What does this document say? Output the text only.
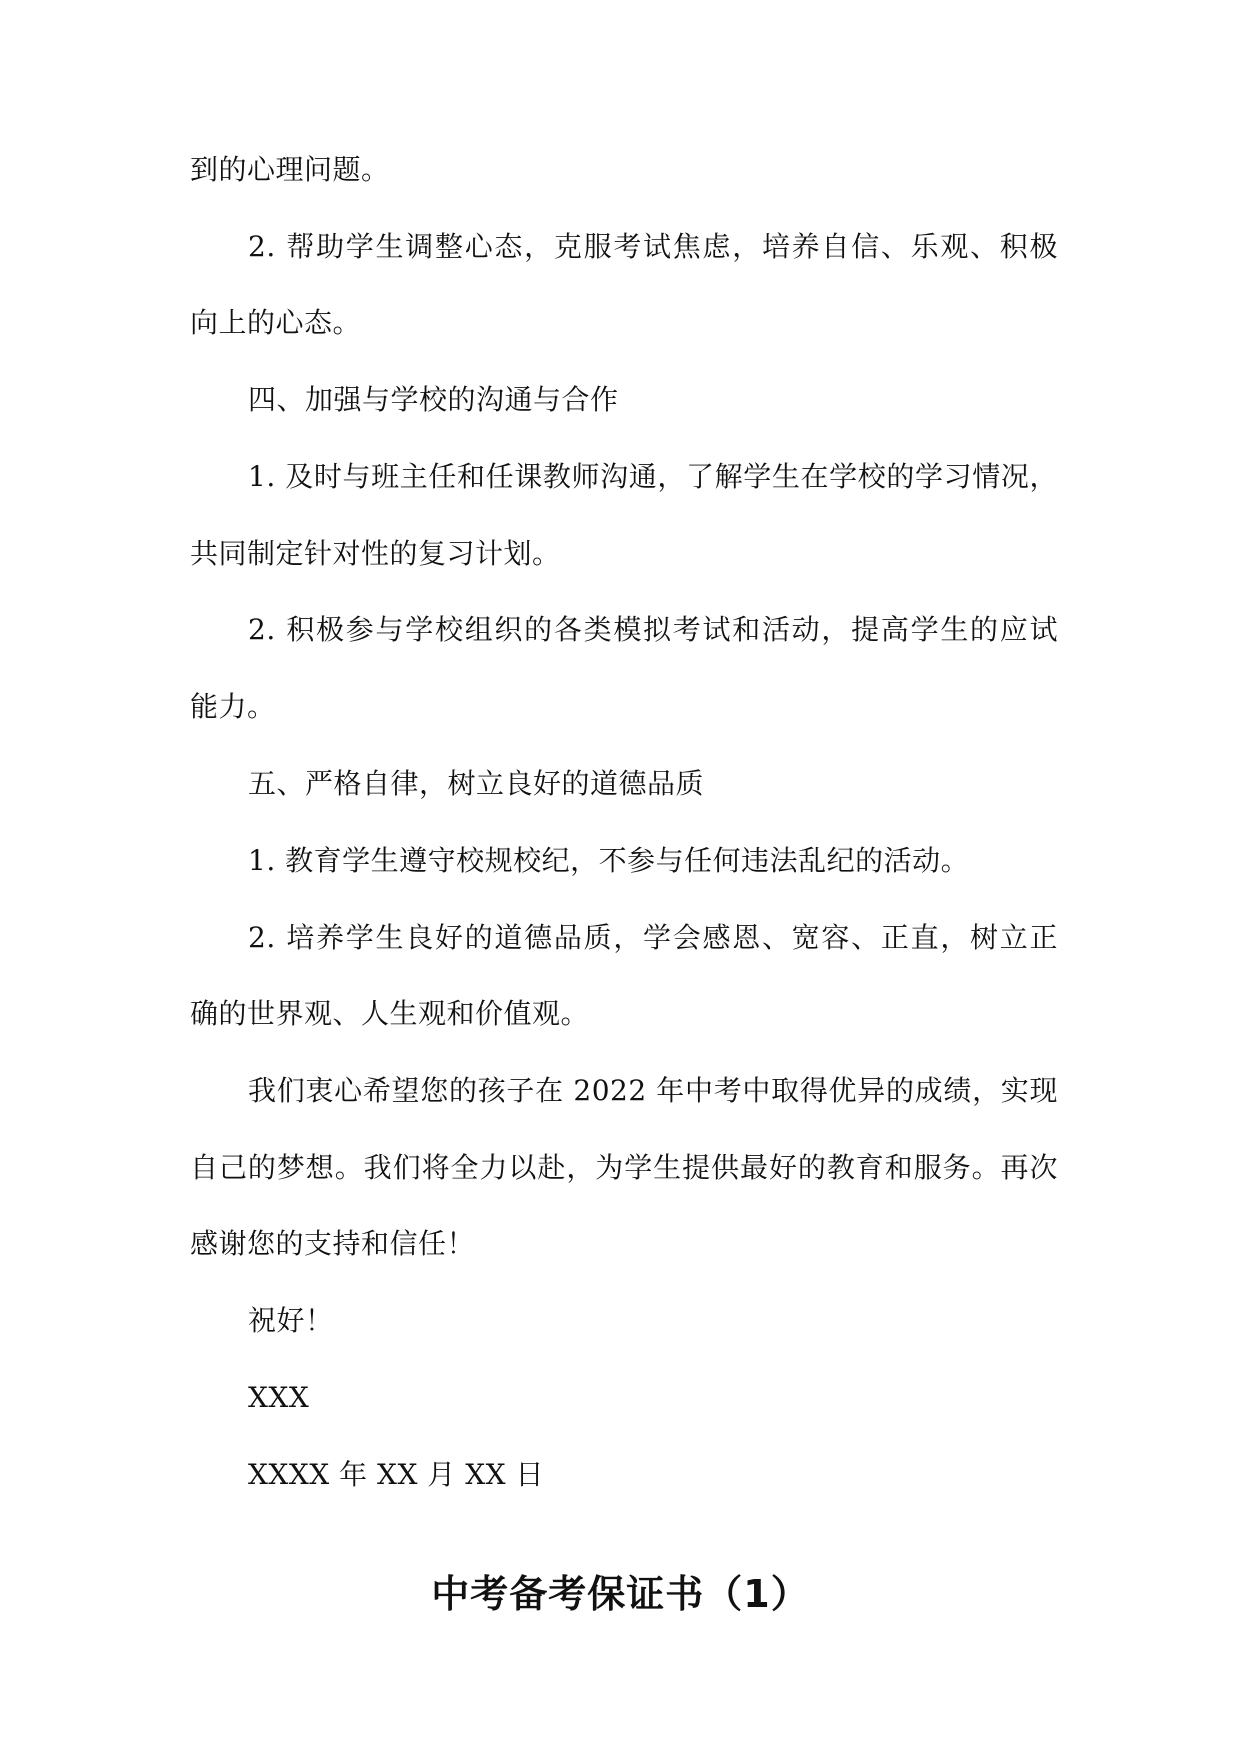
到的心理问题。
2. 帮助学生调整心态，克服考试焦虑，培养自信、乐观、积极
向上的心态。
四、加强与学校的沟通与合作
1. 及时与班主任和任课教师沟通，了解学生在学校的学习情况，
共同制定针对性的复习计划。
2. 积极参与学校组织的各类模拟考试和活动，提高学生的应试
能力。
五、严格自律，树立良好的道德品质
1. 教育学生遵守校规校纪，不参与任何违法乱纪的活动。
2. 培养学生良好的道德品质，学会感恩、宽容、正直，树立正
确的世界观、人生观和价值观。
我们衷心希望您的孩子在 2022 年中考中取得优异的成绩，实现
自己的梦想。我们将全力以赴，为学生提供最好的教育和服务。再次
感谢您的支持和信任！
祝好！
XXX
XXXX 年 XX 月 XX 日
中考备考保证书（1）
